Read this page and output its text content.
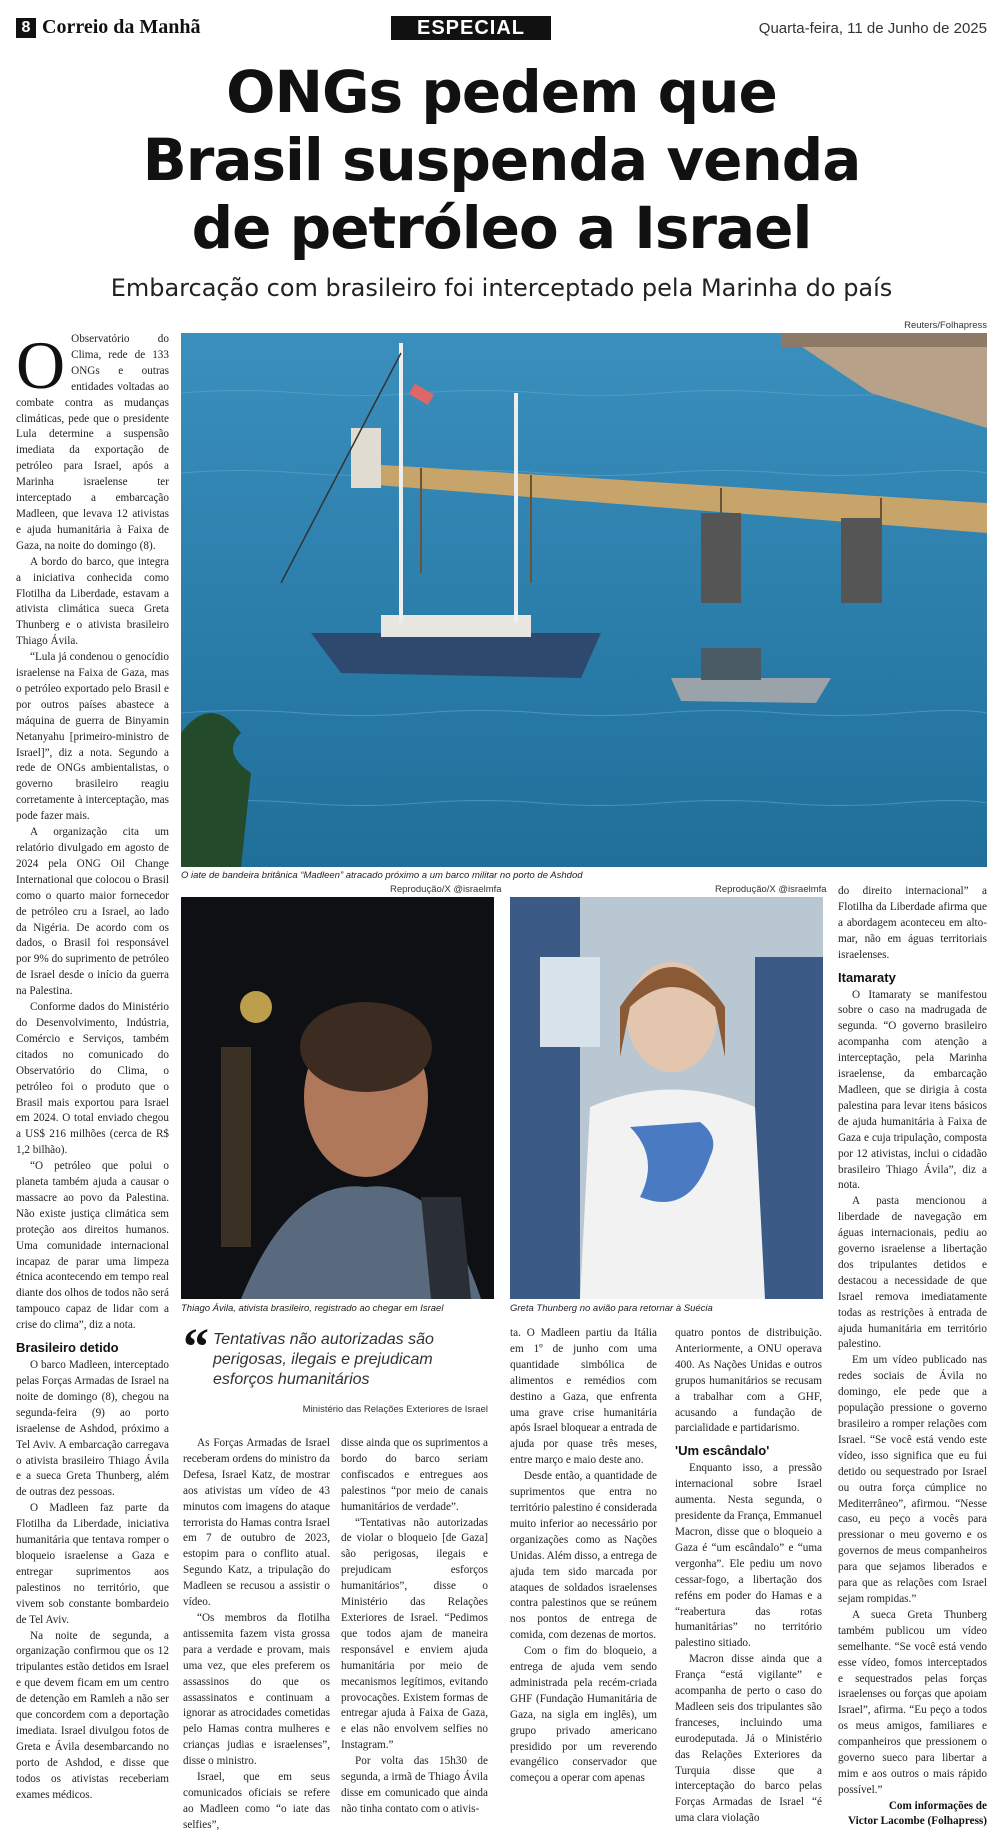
8 Correio da Manhã	ESPECIAL	Quarta-feira, 11 de Junho de 2025
ONGs pedem que
Brasil suspenda venda
de petróleo a Israel
Embarcação com brasileiro foi interceptado pela Marinha do país
Reuters/Folhapress
O iate de bandeira britânica “Madleen” atracado próximo a um barco militar no porto de Ashdod
Reprodução/X @israelmfa
Thiago Ávila, ativista brasileiro, registrado ao chegar em Israel
Reprodução/X @israelmfa
Greta Thunberg no avião para retornar à Suécia
O Observatório do Clima, rede de 133 ONGs e outras entidades voltadas ao combate contra as mudanças climáticas, pede que o presidente Lula determine a suspensão imediata da exportação de petróleo para Israel, após a Marinha israelense ter interceptado a embarcação Madleen, que levava 12 ativistas e ajuda humanitária à Faixa de Gaza, na noite do domingo (8).

A bordo do barco, que integra a iniciativa conhecida como Flotilha da Liberdade, estavam a ativista climática sueca Greta Thunberg e o ativista brasileiro Thiago Ávila.

“Lula já condenou o genocídio israelense na Faixa de Gaza, mas o petróleo exportado pelo Brasil e por outros países abastece a máquina de guerra de Binyamin Netanyahu [primeiro-ministro de Israel]”, diz a nota. Segundo a rede de ONGs ambientalistas, o governo brasileiro reagiu corretamente à interceptação, mas pode fazer mais.

A organização cita um relatório divulgado em agosto de 2024 pela ONG Oil Change International que colocou o Brasil como o quarto maior fornecedor de petróleo cru a Israel, ao lado da Nigéria. De acordo com os dados, o Brasil foi responsável por 9% do suprimento de petróleo de Israel desde o início da guerra na Palestina.

Conforme dados do Ministério do Desenvolvimento, Indústria, Comércio e Serviços, também citados no comunicado do Observatório do Clima, o petróleo foi o produto que o Brasil mais exportou para Israel em 2024. O total enviado chegou a US$ 216 milhões (cerca de R$ 1,2 bilhão).

“O petróleo que polui o planeta também ajuda a causar o massacre ao povo da Palestina. Não existe justiça climática sem proteção aos direitos humanos. Uma comunidade internacional incapaz de parar uma limpeza étnica acontecendo em tempo real diante dos olhos de todos não será tampouco capaz de lidar com a crise do clima”, diz a nota.

Brasileiro detido

O barco Madleen, interceptado pelas Forças Armadas de Israel na noite de domingo (8), chegou na segunda-feira (9) ao porto israelense de Ashdod, próximo a Tel Aviv. A embarcação carregava o ativista brasileiro Thiago Ávila e a sueca Greta Thunberg, além de outras dez pessoas.

O Madleen faz parte da Flotilha da Liberdade, iniciativa humanitária que tentava romper o bloqueio israelense a Gaza e entregar suprimentos aos palestinos no território, que vivem sob constante bombardeio de Tel Aviv.

Na noite de segunda, a organização confirmou que os 12 tripulantes estão detidos em Israel e que devem ficam em um centro de detenção em Ramleh a não ser que concordem com a deportação imediata. Israel divulgou fotos de Greta e Ávila desembarcando no porto de Ashdod, e disse que todos os ativistas receberiam exames médicos.

“ Tentativas não autorizadas são perigosas, ilegais e prejudicam esforços humanitários
Ministério das Relações Exteriores de Israel

As Forças Armadas de Israel receberam ordens do ministro da Defesa, Israel Katz, de mostrar aos ativistas um vídeo de 43 minutos com imagens do ataque terrorista do Hamas contra Israel em 7 de outubro de 2023, estopim para o conflito atual. Segundo Katz, a tripulação do Madleen se recusou a assistir o vídeo.

“Os membros da flotilha antissemita fazem vista grossa para a verdade e provam, mais uma vez, que eles preferem os assassinos do que os assassinatos e continuam a ignorar as atrocidades cometidas pelo Hamas contra mulheres e crianças judias e israelenses”, disse o ministro.

Israel, que em seus comunicados oficiais se refere ao Madleen como “o iate das selfies”,

disse ainda que os suprimentos a bordo do barco seriam confiscados e entregues aos palestinos “por meio de canais humanitários de verdade”.

“Tentativas não autorizadas de violar o bloqueio [de Gaza] são perigosas, ilegais e prejudicam esforços humanitários”, disse o Ministério das Relações Exteriores de Israel. “Pedimos que todos ajam de maneira responsável e enviem ajuda humanitária por meio de mecanismos legítimos, evitando provocações. Existem formas de entregar ajuda à Faixa de Gaza, e elas não envolvem selfies no Instagram.”

Por volta das 15h30 de segunda, a irmã de Thiago Ávila disse em comunicado que ainda não tinha contato com o ativis-

ta. O Madleen partiu da Itália em 1º de junho com uma quantidade simbólica de alimentos e remédios com destino a Gaza, que enfrenta uma grave crise humanitária após Israel bloquear a entrada de ajuda por quase três meses, entre março e maio deste ano.

Desde então, a quantidade de suprimentos que entra no território palestino é considerada muito inferior ao necessário por organizações como as Nações Unidas. Além disso, a entrega de ajuda tem sido marcada por ataques de soldados israelenses contra palestinos que se reúnem nos pontos de entrega de comida, com dezenas de mortos.

Com o fim do bloqueio, a entrega de ajuda vem sendo administrada pela recém-criada GHF (Fundação Humanitária de Gaza, na sigla em inglês), um grupo privado americano presidido por um reverendo evangélico conservador que começou a operar com apenas

quatro pontos de distribuição. Anteriormente, a ONU operava 400. As Nações Unidas e outros grupos humanitários se recusam a trabalhar com a GHF, acusando a fundação de parcialidade e partidarismo.

'Um escândalo'

Enquanto isso, a pressão internacional sobre Israel aumenta. Nesta segunda, o presidente da França, Emmanuel Macron, disse que o bloqueio a Gaza é “um escândalo” e “uma vergonha”. Ele pediu um novo cessar-fogo, a libertação dos reféns em poder do Hamas e a “reabertura das rotas humanitárias” no território palestino sitiado.

Macron disse ainda que a França “está vigilante” e acompanha de perto o caso do Madleen seis dos tripulantes são franceses, incluindo uma eurodeputada. Já o Ministério das Relações Exteriores da Turquia disse que a interceptação do barco pelas Forças Armadas de Israel “é uma clara violação

do direito internacional” a Flotilha da Liberdade afirma que a abordagem aconteceu em alto-mar, não em águas territoriais israelenses.

Itamaraty

O Itamaraty se manifestou sobre o caso na madrugada de segunda. “O governo brasileiro acompanha com atenção a interceptação, pela Marinha israelense, da embarcação Madleen, que se dirigia à costa palestina para levar itens básicos de ajuda humanitária à Faixa de Gaza e cuja tripulação, composta por 12 ativistas, inclui o cidadão brasileiro Thiago Ávila”, diz a nota.

A pasta mencionou a liberdade de navegação em águas internacionais, pediu ao governo israelense a libertação dos tripulantes detidos e destacou a necessidade de que Israel remova imediatamente todas as restrições à entrada de ajuda humanitária em território palestino.

Em um vídeo publicado nas redes sociais de Ávila no domingo, ele pede que a população pressione o governo brasileiro a romper relações com Israel. “Se você está vendo este vídeo, isso significa que eu fui detido ou sequestrado por Israel ou outra força cúmplice no Mediterrâneo”, afirmou. “Nesse caso, eu peço a vocês para pressionar o meu governo e os governos de meus companheiros para que sejamos liberados e para que as relações com Israel sejam rompidas.”

A sueca Greta Thunberg também publicou um vídeo semelhante. “Se você está vendo esse vídeo, fomos interceptados e sequestrados pelas forças israelenses ou forças que apoiam Israel”, afirma. “Eu peço a todos os meus amigos, familiares e companheiros que pressionem o governo sueco para libertar a mim e aos outros o mais rápido possível.”

Com informações de
Victor Lacombe (Folhapress)
